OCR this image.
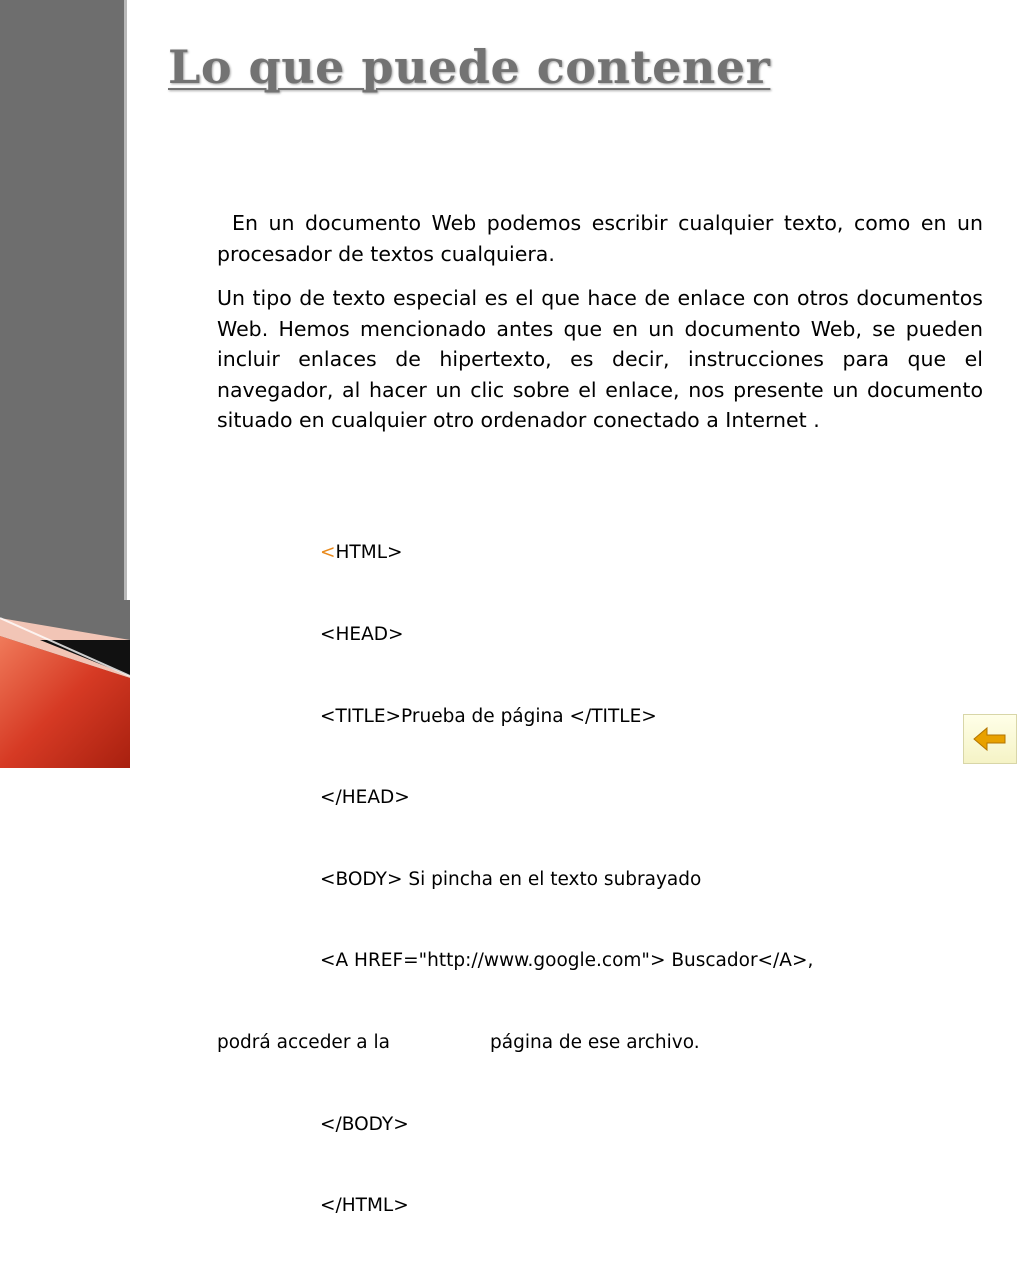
Lo que puede contener

En un documento Web podemos escribir cualquier texto, como en un procesador de textos cualquiera.

Un tipo de texto especial es el que hace de enlace con otros documentos Web. Hemos mencionado antes que en un documento Web, se pueden incluir enlaces de hipertexto, es decir, instrucciones para que el navegador, al hacer un clic sobre el enlace, nos presente un documento situado en cualquier otro ordenador conectado a Internet .

<HTML>

<HEAD>

<TITLE>Prueba de página </TITLE>

</HEAD>

<BODY> Si pincha en el texto subrayado

<A HREF="http://www.google.com"> Buscador</A>,

podrá acceder a la	página de ese archivo.

</BODY>

</HTML>
